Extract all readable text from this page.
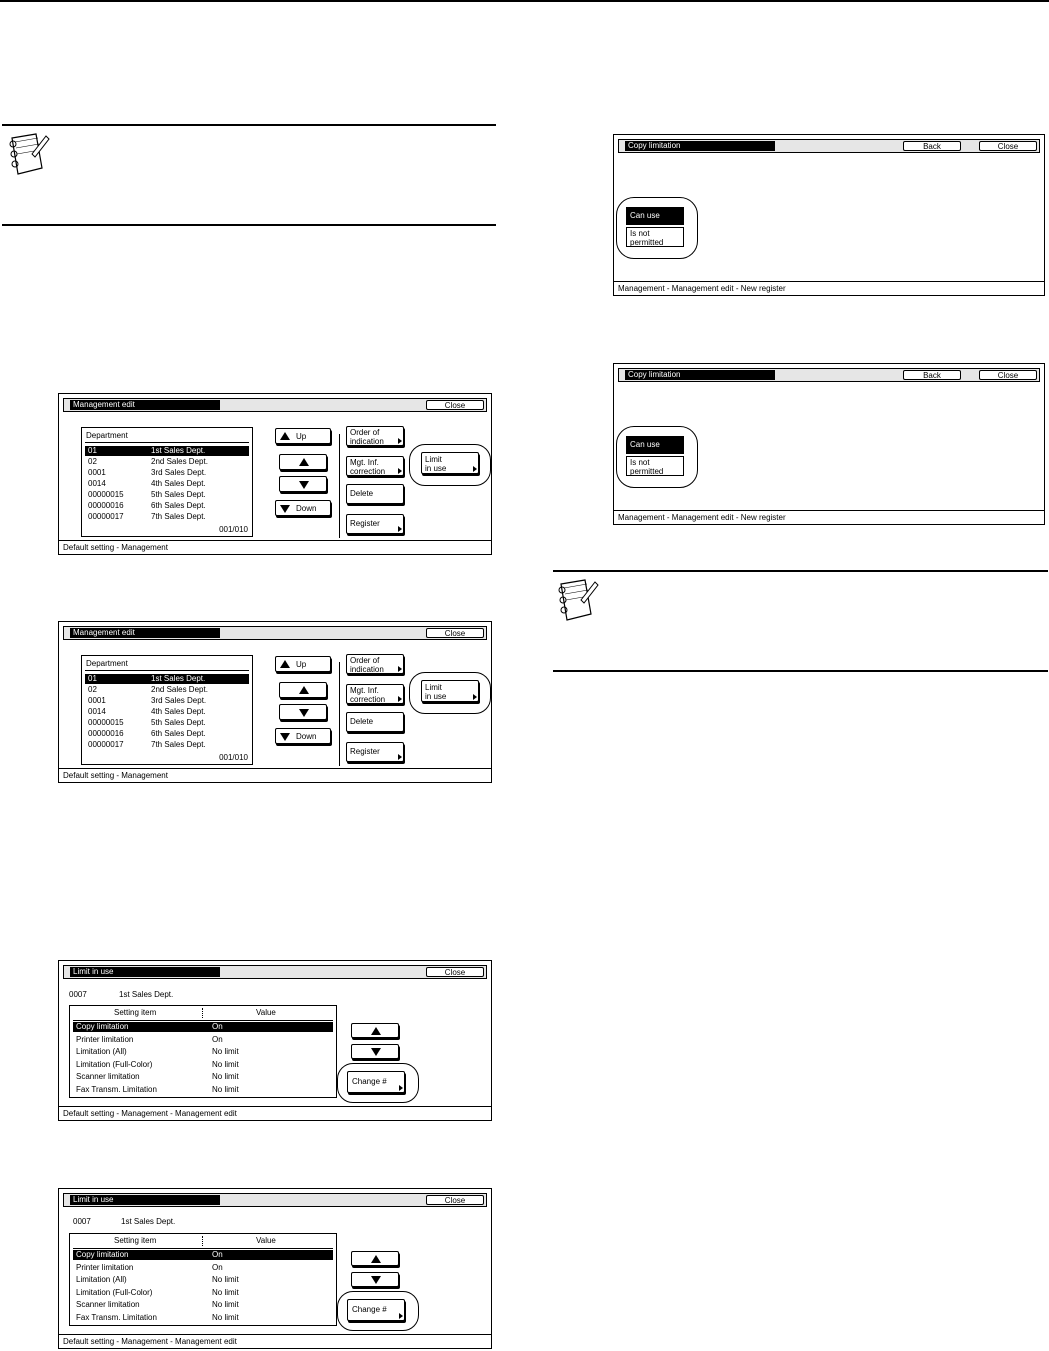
Management edit	Close
Department
01	1st Sales Dept.
02	2nd Sales Dept.
0001	3rd Sales Dept.
0014	4th Sales Dept.
00000015	5th Sales Dept.
00000016	6th Sales Dept.
00000017	7th Sales Dept.
001/010
Up
Down
Order of
indication
Mgt. Inf.
correction
Delete
Register
Limit
in use
Default setting - Management
Management edit	Close
Department
01	1st Sales Dept.
02	2nd Sales Dept.
0001	3rd Sales Dept.
0014	4th Sales Dept.
00000015	5th Sales Dept.
00000016	6th Sales Dept.
00000017	7th Sales Dept.
001/010
Up
Down
Order of
indication
Mgt. Inf.
correction
Delete
Register
Limit
in use
Default setting - Management
Limit in use	Close
0007	1st Sales Dept.
Setting item	Value
Copy limitation	On
Printer limitation	On
Limitation (All)	No limit
Limitation (Full-Color)	No limit
Scanner limitation	No limit
Fax Transm. Limitation	No limit
Change #
Default setting - Management - Management edit
Limit in use	Close
0007	1st Sales Dept.
Setting item	Value
Copy limitation	On
Printer limitation	On
Limitation (All)	No limit
Limitation (Full-Color)	No limit
Scanner limitation	No limit
Fax Transm. Limitation	No limit
Change #
Default setting - Management - Management edit
Copy limitation	Back	Close
Can use
Is not
permitted
Management - Management edit - New register
Copy limitation	Back	Close
Can use
Is not
permitted
Management - Management edit - New register
